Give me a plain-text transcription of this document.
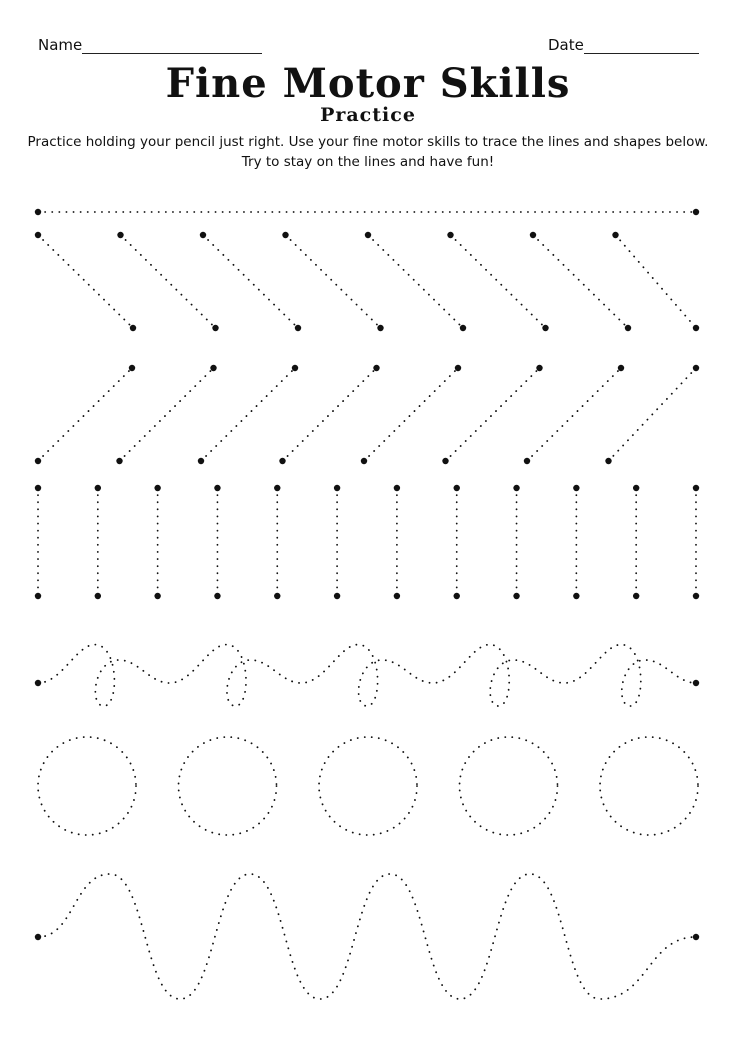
Name	Date
Fine Motor Skills
Practice
Practice holding your pencil just right. Use your fine motor skills to trace the lines and shapes below.
Try to stay on the lines and have fun!
